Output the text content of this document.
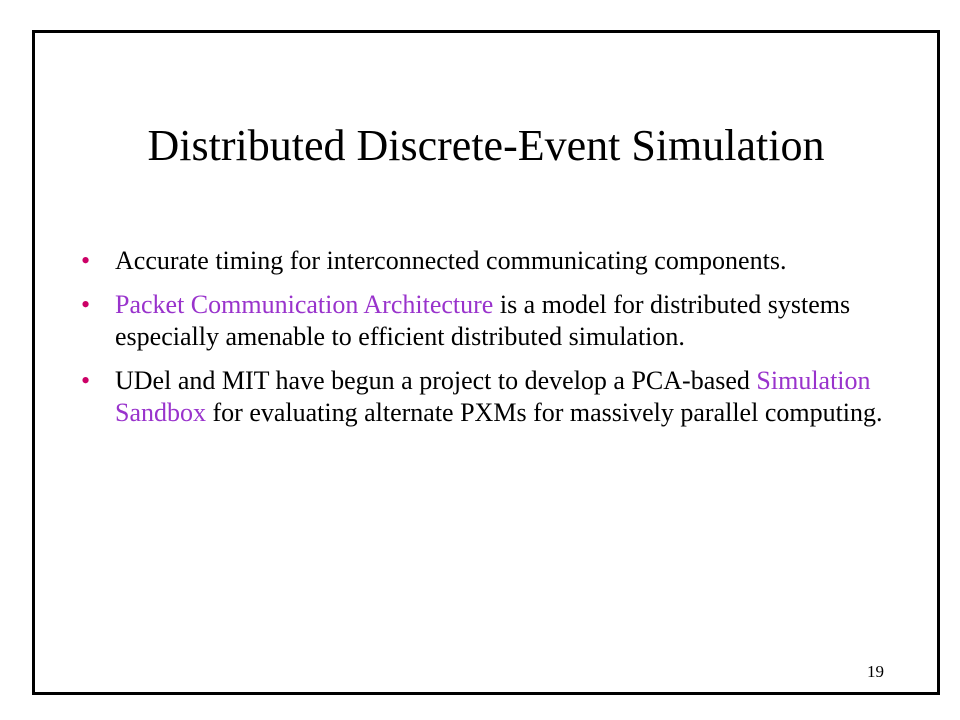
Distributed Discrete-Event Simulation
• Accurate timing for interconnected communicating components.
• Packet Communication Architecture is a model for distributed systems especially amenable to efficient distributed simulation.
• UDel and MIT have begun a project to develop a PCA-based Simulation Sandbox for evaluating alternate PXMs for massively parallel computing.
19
